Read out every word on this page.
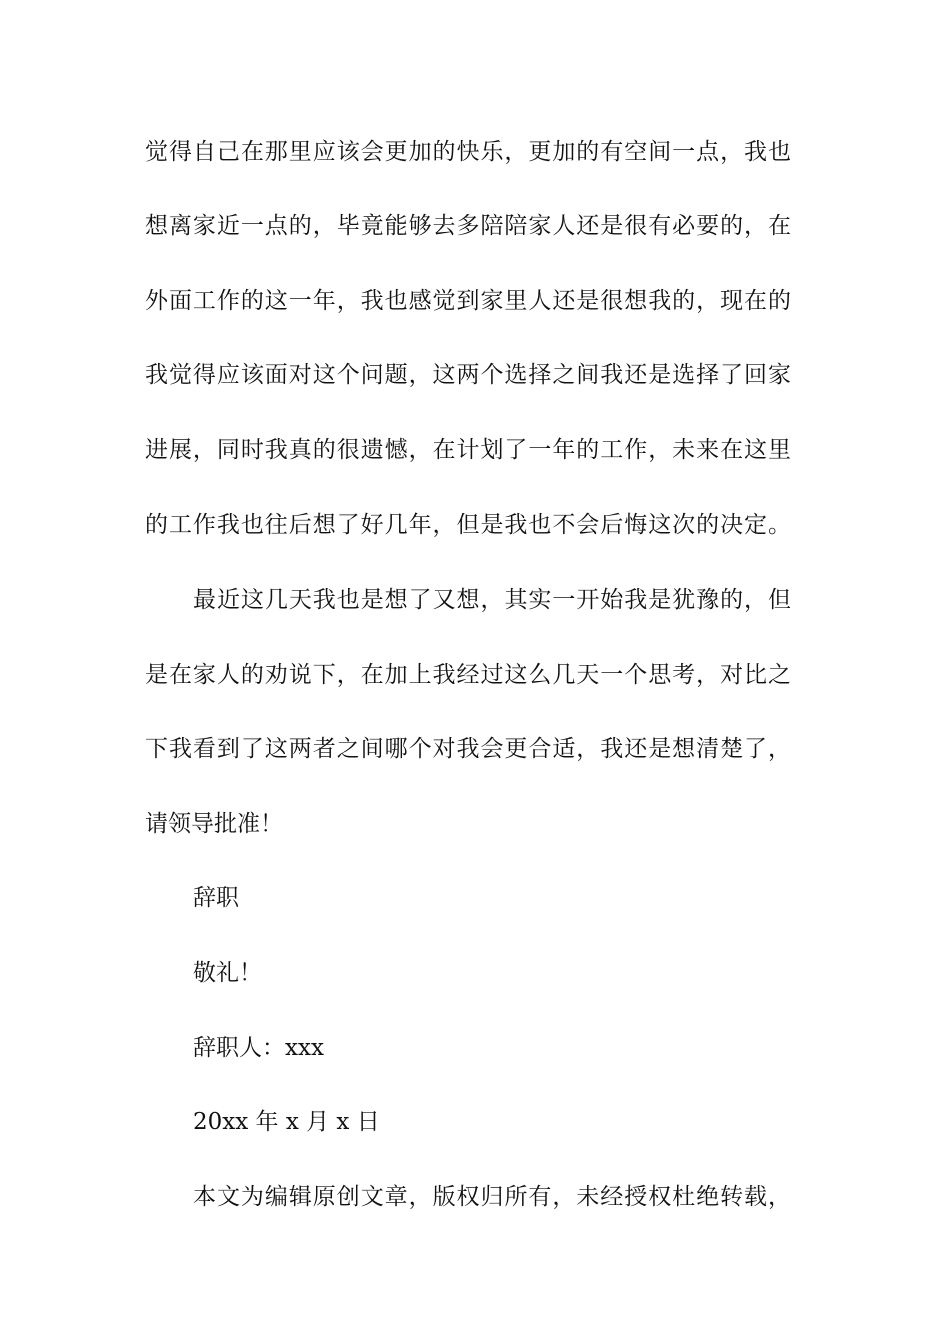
觉得自己在那里应该会更加的快乐，更加的有空间一点，我也
想离家近一点的，毕竟能够去多陪陪家人还是很有必要的，在
外面工作的这一年，我也感觉到家里人还是很想我的，现在的
我觉得应该面对这个问题，这两个选择之间我还是选择了回家
进展，同时我真的很遗憾，在计划了一年的工作，未来在这里
的工作我也往后想了好几年，但是我也不会后悔这次的决定。
最近这几天我也是想了又想，其实一开始我是犹豫的，但
是在家人的劝说下，在加上我经过这么几天一个思考，对比之
下我看到了这两者之间哪个对我会更合适，我还是想清楚了，
请领导批准！
辞职
敬礼！
辞职人：xxx
20xx 年 x 月 x 日
本文为编辑原创文章，版权归所有，未经授权杜绝转载，
